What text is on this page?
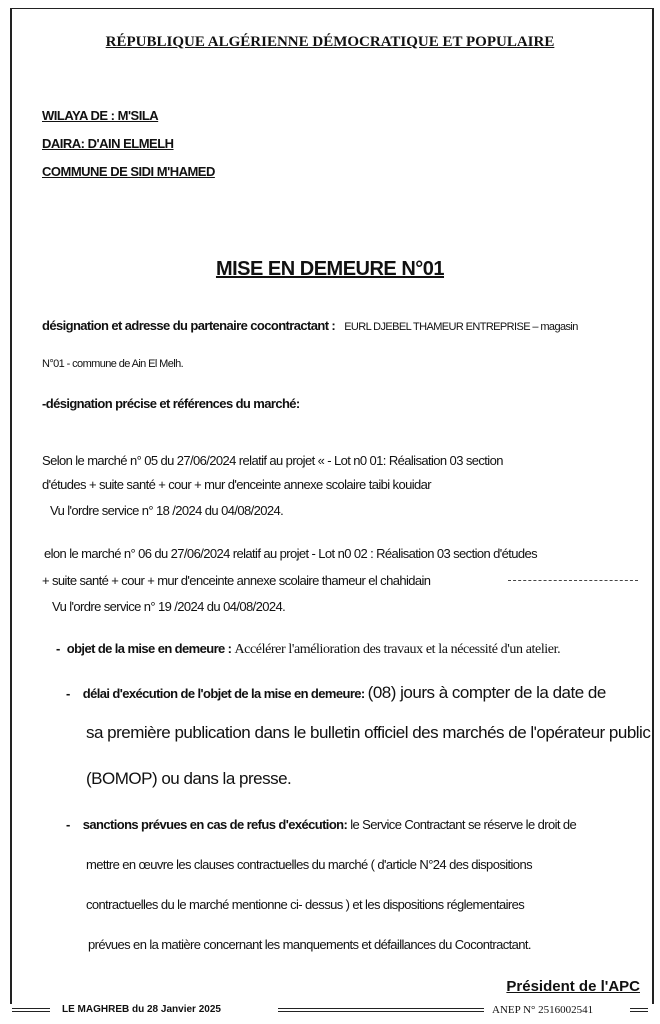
RÉPUBLIQUE ALGÉRIENNE DÉMOCRATIQUE ET POPULAIRE
WILAYA DE : M'SILA
DAIRA: D'AIN ELMELH
COMMUNE DE SIDI M'HAMED
MISE EN DEMEURE N°01
désignation et adresse du partenaire cocontractant : EURL DJEBEL THAMEUR ENTREPRISE – magasin
N°01 - commune de Ain El Melh.
-désignation précise et références du marché:
Selon le marché n° 05 du 27/06/2024 relatif au projet « - Lot n0 01: Réalisation 03 section
d'études + suite santé + cour + mur d'enceinte annexe scolaire taibi kouidar
Vu l'ordre service n° 18 /2024 du 04/08/2024.
elon le marché n° 06 du 27/06/2024 relatif au projet - Lot n0 02 : Réalisation 03 section d'études
+ suite santé + cour + mur d'enceinte annexe scolaire thameur el chahidain
Vu l'ordre service n° 19 /2024 du 04/08/2024.
- objet de la mise en demeure : Accélérer l'amélioration des travaux et la nécessité d'un atelier.
- délai d'exécution de l'objet de la mise en demeure: (08) jours à compter de la date de
sa première publication dans le bulletin officiel des marchés de l'opérateur public
(BOMOP) ou dans la presse.
- sanctions prévues en cas de refus d'exécution: le Service Contractant se réserve le droit de
mettre en œuvre les clauses contractuelles du marché ( d'article N°24 des dispositions
contractuelles du le marché mentionne ci- dessus ) et les dispositions réglementaires
prévues en la matière concernant les manquements et défaillances du Cocontractant.
Président de l'APC
LE MAGHREB du 28 Janvier 2025	ANEP N° 2516002541
